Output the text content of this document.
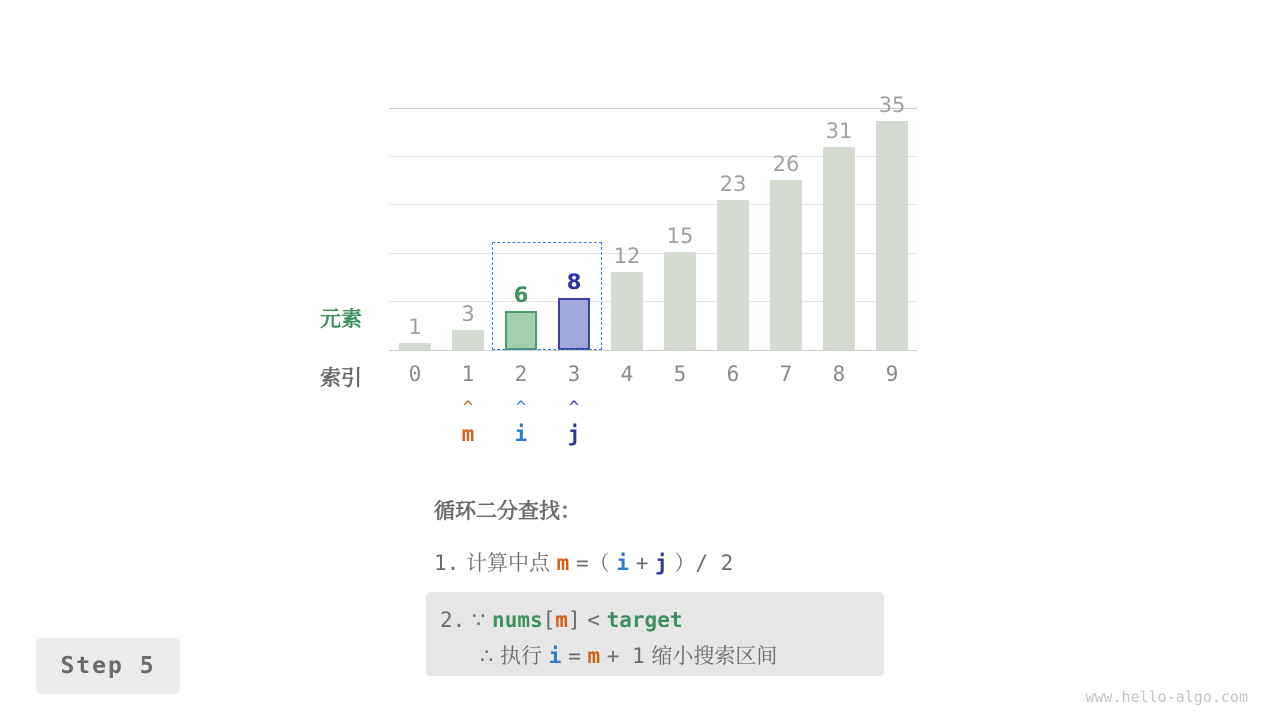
元素
索引	0	1	2	3	4	5	6	7	8	9
1
3
6
8
12
15
23
26
31
35
^
m
^
i
^
j
循环二分查找：
1. 计算中点 m =（ i + j ）/ 2
2. ∵ nums[m] < target
∴ 执行 i = m + 1 缩小搜索区间
Step 5
www.hello-algo.com
